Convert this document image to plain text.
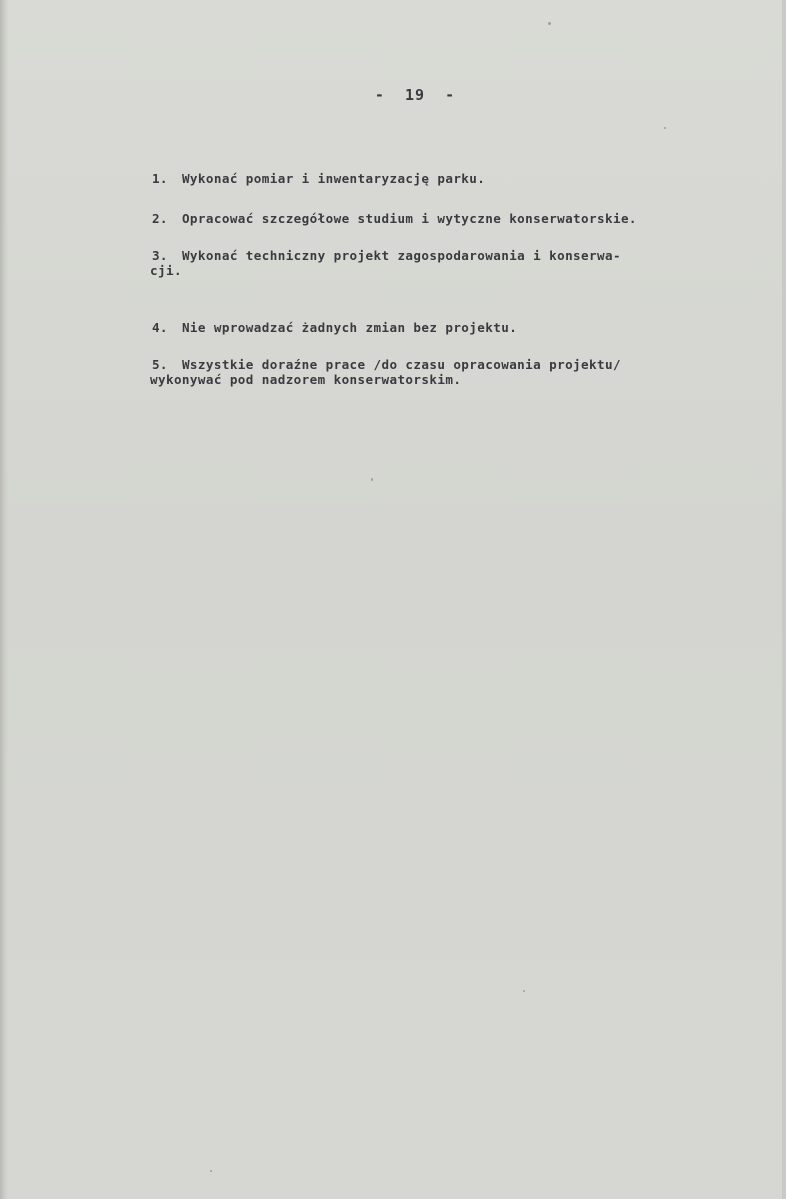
-  19  -

1. Wykonać pomiar i inwentaryzację parku.

2. Opracować szczegółowe studium i wytyczne konserwatorskie.

3. Wykonać techniczny projekt zagospodarowania i konserwa-

cji.

4. Nie wprowadzać żadnych zmian bez projektu.

5. Wszystkie doraźne prace /do czasu opracowania projektu/

wykonywać pod nadzorem konserwatorskim.
